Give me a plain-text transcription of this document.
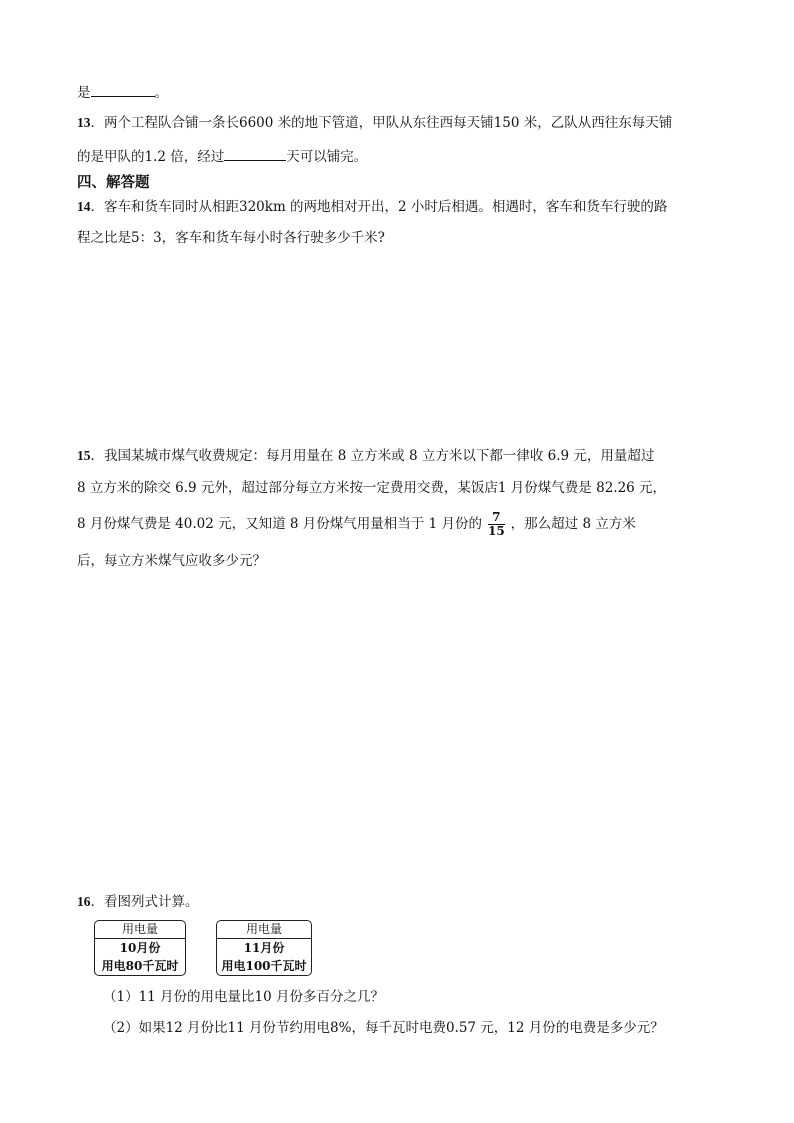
是	。
13．两个工程队合铺一条长6600 米的地下管道，甲队从东往西每天铺150 米，乙队从西往东每天铺
的是甲队的1.2 倍，经过	天可以铺完。
四、解答题
14．客车和货车同时从相距320km 的两地相对开出，2 小时后相遇。相遇时，客车和货车行驶的路
程之比是5：3，客车和货车每小时各行驶多少千米?
15．我国某城市煤气收费规定：每月用量在 8 立方米或 8 立方米以下都一律收 6.9 元，用量超过
8 立方米的除交 6.9 元外，超过部分每立方米按一定费用交费，某饭店1 月份煤气费是 82.26 元，
8 月份煤气费是 40.02 元，又知道 8 月份煤气用量相当于 1 月份的 $\frac{7}{15}$ ，那么超过 8 立方米
后，每立方米煤气应收多少元？
16．看图列式计算。
用电量
10月份
用电80千瓦时
用电量
11月份
用电100千瓦时
（1）11 月份的用电量比10 月份多百分之几？
（2）如果12 月份比11 月份节约用电8%，每千瓦时电费0.57 元，12 月份的电费是多少元？
